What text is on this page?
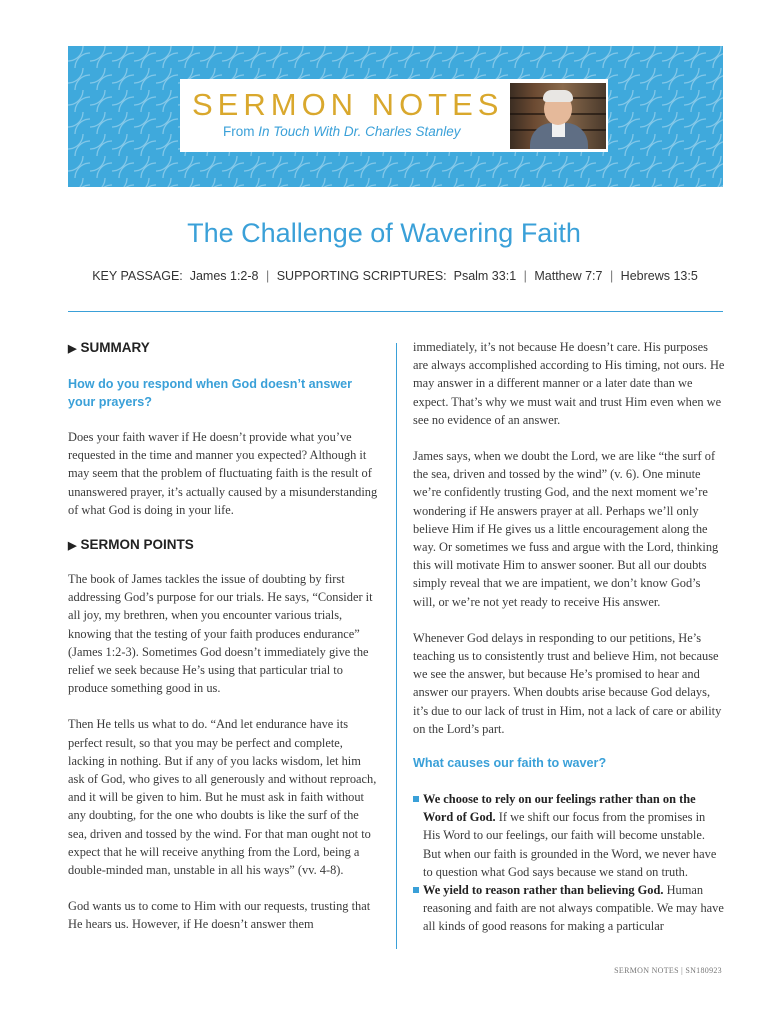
SERMON NOTES
From In Touch With Dr. Charles Stanley
The Challenge of Wavering Faith
KEY PASSAGE: James 1:2-8 | SUPPORTING SCRIPTURES: Psalm 33:1 | Matthew 7:7 | Hebrews 13:5
▶ SUMMARY

How do you respond when God doesn’t answer your prayers?

Does your faith waver if He doesn’t provide what you’ve requested in the time and manner you expected? Although it may seem that the problem of fluctuating faith is the result of unanswered prayer, it’s actually caused by a misunderstanding of what God is doing in your life.

▶ SERMON POINTS

The book of James tackles the issue of doubting by first addressing God’s purpose for our trials. He says, “Consider it all joy, my brethren, when you encounter various trials, knowing that the testing of your faith produces endurance” (James 1:2-3). Sometimes God doesn’t immediately give the relief we seek because He’s using that particular trial to produce something good in us.

Then He tells us what to do. “And let endurance have its perfect result, so that you may be perfect and complete, lacking in nothing. But if any of you lacks wisdom, let him ask of God, who gives to all generously and without reproach, and it will be given to him. But he must ask in faith without any doubting, for the one who doubts is like the surf of the sea, driven and tossed by the wind. For that man ought not to expect that he will receive anything from the Lord, being a double-minded man, unstable in all his ways” (vv. 4-8).

God wants us to come to Him with our requests, trusting that He hears us. However, if He doesn’t answer them

immediately, it’s not because He doesn’t care. His purposes are always accomplished according to His timing, not ours. He may answer in a different manner or a later date than we expect. That’s why we must wait and trust Him even when we see no evidence of an answer.

James says, when we doubt the Lord, we are like “the surf of the sea, driven and tossed by the wind” (v. 6). One minute we’re confidently trusting God, and the next moment we’re wondering if He answers prayer at all. Perhaps we’ll only believe Him if He gives us a little encouragement along the way. Or sometimes we fuss and argue with the Lord, thinking this will motivate Him to answer sooner. But all our doubts simply reveal that we are impatient, we don’t know God’s will, or we’re not yet ready to receive His answer.

Whenever God delays in responding to our petitions, He’s teaching us to consistently trust and believe Him, not because we see the answer, but because He’s promised to hear and answer our prayers. When doubts arise because God delays, it’s due to our lack of trust in Him, not a lack of care or ability on the Lord’s part.

What causes our faith to waver?

We choose to rely on our feelings rather than on the Word of God. If we shift our focus from the promises in His Word to our feelings, our faith will become unstable. But when our faith is grounded in the Word, we never have to question what God says because we stand on truth.
We yield to reason rather than believing God. Human reasoning and faith are not always compatible. We may have all kinds of good reasons for making a particular
SERMON NOTES | SN180923
